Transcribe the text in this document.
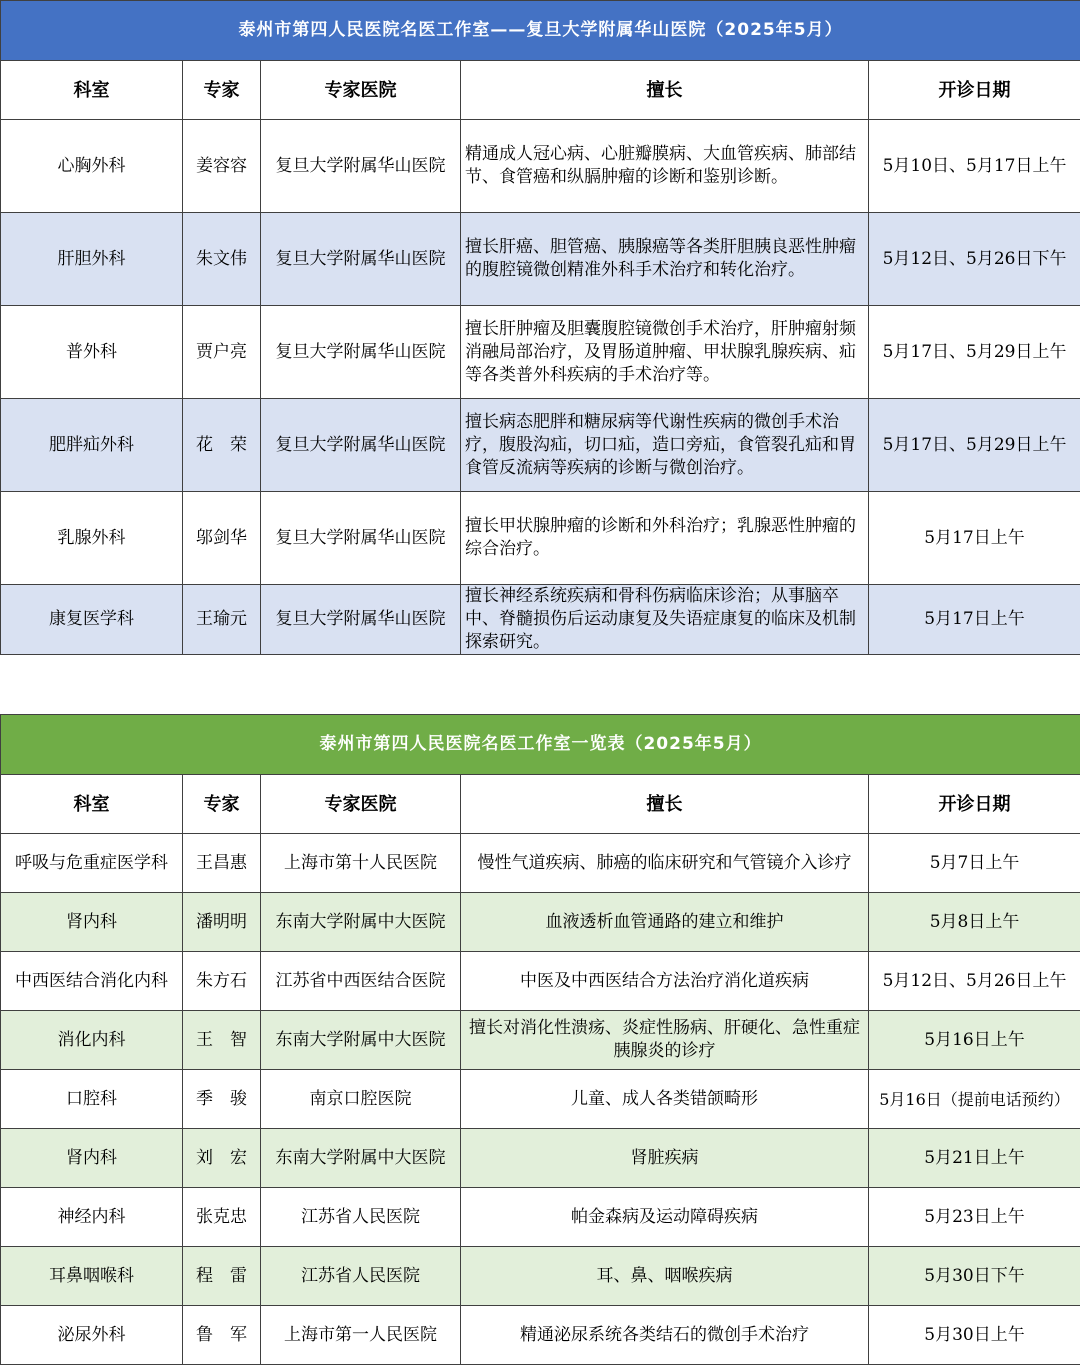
泰州市第四人民医院名医工作室——复旦大学附属华山医院（2025年5月）				
科室	专家	专家医院	擅长	开诊日期
心胸外科	姜容容	复旦大学附属华山医院	精通成人冠心病、心脏瓣膜病、大血管疾病、肺部结节、食管癌和纵膈肿瘤的诊断和鉴别诊断。	5月10日、5月17日上午
肝胆外科	朱文伟	复旦大学附属华山医院	擅长肝癌、胆管癌、胰腺癌等各类肝胆胰良恶性肿瘤的腹腔镜微创精准外科手术治疗和转化治疗。	5月12日、5月26日下午
普外科	贾户亮	复旦大学附属华山医院	擅长肝肿瘤及胆囊腹腔镜微创手术治疗，肝肿瘤射频消融局部治疗，及胃肠道肿瘤、甲状腺乳腺疾病、疝等各类普外科疾病的手术治疗等。	5月17日、5月29日上午
肥胖疝外科	花　荣	复旦大学附属华山医院	擅长病态肥胖和糖尿病等代谢性疾病的微创手术治疗，腹股沟疝，切口疝，造口旁疝，食管裂孔疝和胃食管反流病等疾病的诊断与微创治疗。	5月17日、5月29日上午
乳腺外科	邬剑华	复旦大学附属华山医院	擅长甲状腺肿瘤的诊断和外科治疗；乳腺恶性肿瘤的综合治疗。	5月17日上午
康复医学科	王瑜元	复旦大学附属华山医院	擅长神经系统疾病和骨科伤病临床诊治；从事脑卒中、脊髓损伤后运动康复及失语症康复的临床及机制探索研究。	5月17日上午
泰州市第四人民医院名医工作室一览表（2025年5月）				
科室	专家	专家医院	擅长	开诊日期
呼吸与危重症医学科	王昌惠	上海市第十人民医院	慢性气道疾病、肺癌的临床研究和气管镜介入诊疗	5月7日上午
肾内科	潘明明	东南大学附属中大医院	血液透析血管通路的建立和维护	5月8日上午
中西医结合消化内科	朱方石	江苏省中西医结合医院	中医及中西医结合方法治疗消化道疾病	5月12日、5月26日上午
消化内科	王　智	东南大学附属中大医院	擅长对消化性溃疡、炎症性肠病、肝硬化、急性重症胰腺炎的诊疗	5月16日上午
口腔科	季　骏	南京口腔医院	儿童、成人各类错颌畸形	5月16日（提前电话预约）
肾内科	刘　宏	东南大学附属中大医院	肾脏疾病	5月21日上午
神经内科	张克忠	江苏省人民医院	帕金森病及运动障碍疾病	5月23日上午
耳鼻咽喉科	程　雷	江苏省人民医院	耳、鼻、咽喉疾病	5月30日下午
泌尿外科	鲁　军	上海市第一人民医院	精通泌尿系统各类结石的微创手术治疗	5月30日上午
